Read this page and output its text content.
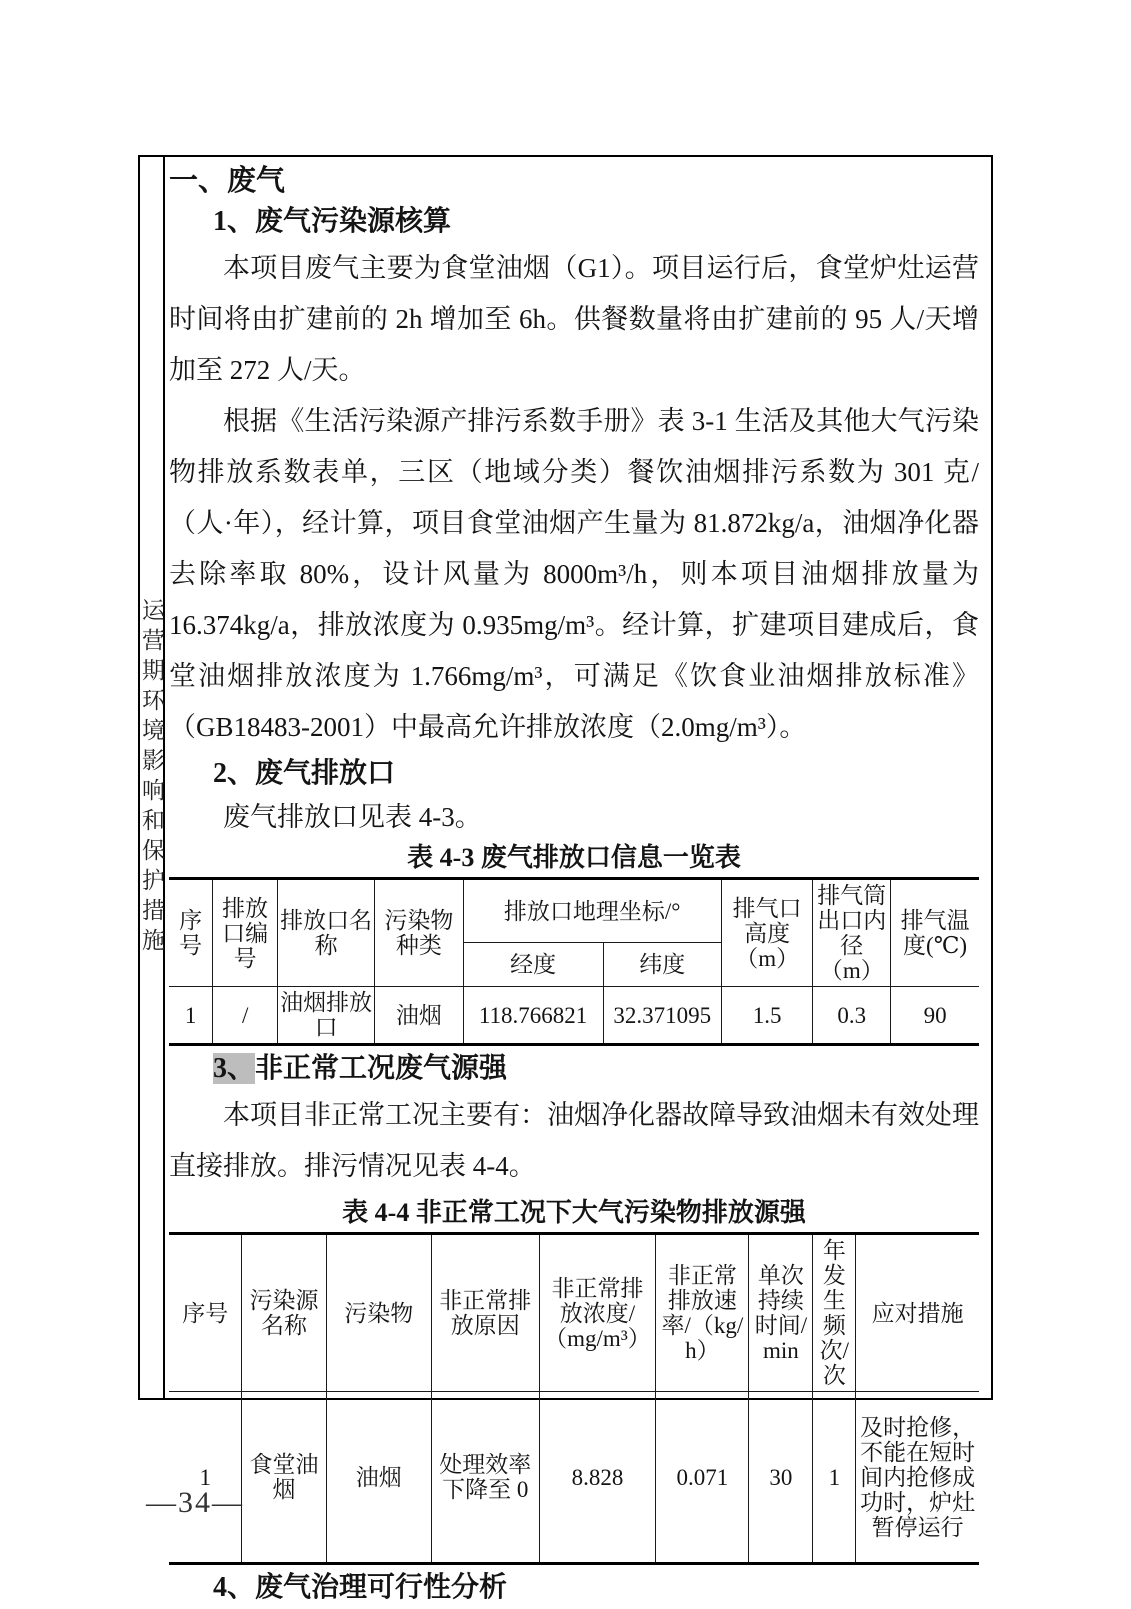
运营期环境影响和保护措施
一、废气
1、废气污染源核算

本项目废气主要为食堂油烟（G1）。项目运行后，食堂炉灶运营时间将由扩建前的 2h 增加至 6h。供餐数量将由扩建前的 95 人/天增加至 272 人/天。

根据《生活污染源产排污系数手册》表 3-1 生活及其他大气污染物排放系数表单，三区（地域分类）餐饮油烟排污系数为 301 克/（人·年），经计算，项目食堂油烟产生量为 81.872kg/a，油烟净化器去除率取 80%，设计风量为 8000m³/h，则本项目油烟排放量为 16.374kg/a，排放浓度为 0.935mg/m³。经计算，扩建项目建成后，食堂油烟排放浓度为 1.766mg/m³，可满足《饮食业油烟排放标准》（GB18483-2001）中最高允许排放浓度（2.0mg/m³）。

2、废气排放口

废气排放口见表 4-3。

表 4-3 废气排放口信息一览表
序号	排放口编号	排放口名称	污染物种类	排放口地理坐标/°		排气口高度（m）	排气筒出口内径（m）	排气温度(℃)
				经度	纬度			
1	/	油烟排放口	油烟	118.766821	32.371095	1.5	0.3	90
3、非正常工况废气源强

本项目非正常工况主要有：油烟净化器故障导致油烟未有效处理直接排放。排污情况见表 4-4。

表 4-4 非正常工况下大气污染物排放源强
序号	污染源名称	污染物	非正常排放原因	非正常排放浓度/（mg/m³）	非正常排放速率/（kg/h）	单次持续时间/min	年发生频次/次	应对措施
1	食堂油烟	油烟	处理效率下降至 0	8.828	0.071	30	1	及时抢修，不能在短时间内抢修成功时，炉灶暂停运行
4、废气治理可行性分析
—34—
